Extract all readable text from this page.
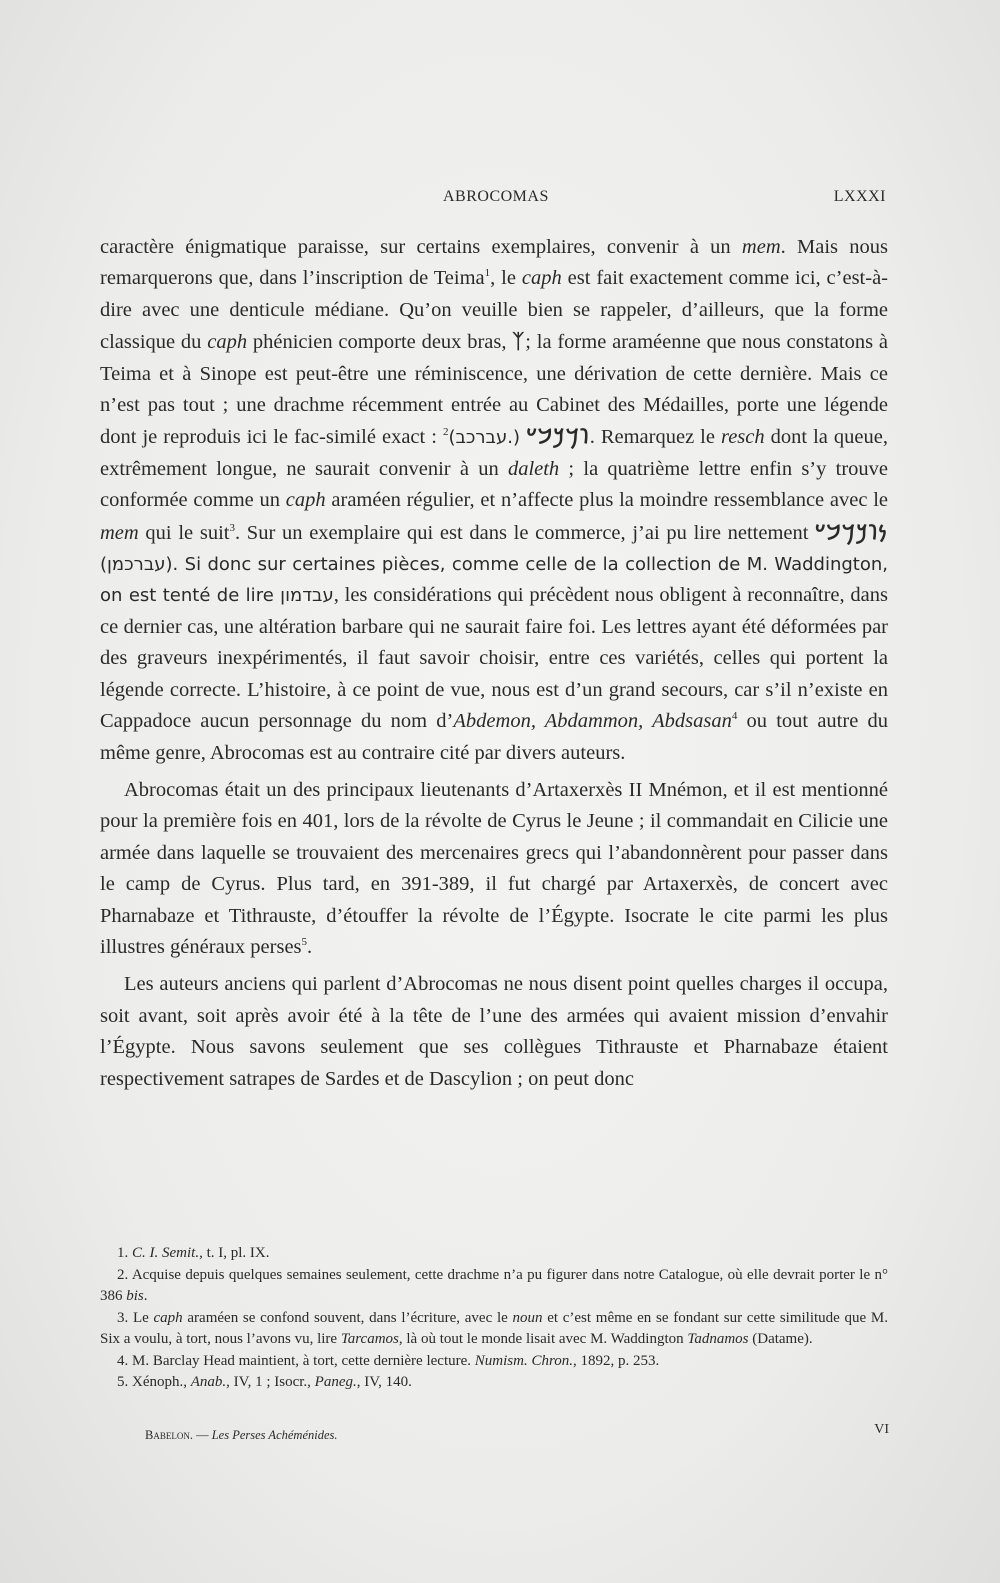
ABROCOMAS	LXXXI

caractère énigmatique paraisse, sur certains exemplaires, convenir à un mem. Mais nous remarquerons que, dans l’inscription de Teima$^1$, le caph est fait exactement comme ici, c’est-à-dire avec une denticule médiane. Qu’on veuille bien se rappeler, d’ailleurs, que la forme classique du caph phénicien comporte deux bras, ᛉ; la forme araméenne que nous constatons à Teima et à Sinope est peut-être une réminiscence, une dérivation de cette dernière. Mais ce n’est pas tout ; une drachme récemment entrée au Cabinet des Médailles, porte une légende dont je reproduis ici le fac-similé exact :	𐡅𐡓𐡊𐡁𐡏 (.עברכב)$^2$	. Remarquez le resch dont la queue, extrêmement longue, ne saurait convenir à un daleth ; la quatrième lettre enfin s’y trouve conformée comme un caph araméen régulier, et n’affecte plus la moindre ressemblance avec le mem qui le suit$^3$. Sur un exemplaire qui est dans le commerce, j’ai pu lire nettement 𐡍𐡅𐡊𐡓𐡁𐡏 (עברכמן). Si donc sur certaines pièces, comme celle de la collection de M. Waddington, on est tenté de lire עבדמון, les considérations qui précèdent nous obligent à reconnaître, dans ce dernier cas, une altération barbare qui ne saurait faire foi. Les lettres ayant été déformées par des graveurs inexpérimentés, il faut savoir choisir, entre ces variétés, celles qui portent la légende correcte. L’histoire, à ce point de vue, nous est d’un grand secours, car s’il n’existe en Cappadoce aucun personnage du nom d’Abdemon, Abdammon, Abdsasan$^4$ ou tout autre du même genre, Abrocomas est au contraire cité par divers auteurs.

Abrocomas était un des principaux lieutenants d’Artaxerxès II Mnémon, et il est mentionné pour la première fois en 401, lors de la révolte de Cyrus le Jeune ; il commandait en Cilicie une armée dans laquelle se trouvaient des mercenaires grecs qui l’abandonnèrent pour passer dans le camp de Cyrus. Plus tard, en 391-389, il fut chargé par Artaxerxès, de concert avec Pharnabaze et Tithrauste, d’étouffer la révolte de l’Égypte. Isocrate le cite parmi les plus illustres généraux perses$^5$.

Les auteurs anciens qui parlent d’Abrocomas ne nous disent point quelles charges il occupa, soit avant, soit après avoir été à la tête de l’une des armées qui avaient mission d’envahir l’Égypte. Nous savons seulement que ses collègues Tithrauste et Pharnabaze étaient respectivement satrapes de Sardes et de Dascylion ; on peut donc

1. C. I. Semit., t. I, pl. IX.

2. Acquise depuis quelques semaines seulement, cette drachme n’a pu figurer dans notre Catalogue, où elle devrait porter le n° 386 bis.

3. Le caph araméen se confond souvent, dans l’écriture, avec le noun et c’est même en se fondant sur cette similitude que M. Six a voulu, à tort, nous l’avons vu, lire Tarcamos, là où tout le monde lisait avec M. Waddington Tadnamos (Datame).

4. M. Barclay Head maintient, à tort, cette dernière lecture. Numism. Chron., 1892, p. 253.

5. Xénoph., Anab., IV, 1 ; Isocr., Paneg., IV, 140.

Babelon. — Les Perses Achéménides.	VI
